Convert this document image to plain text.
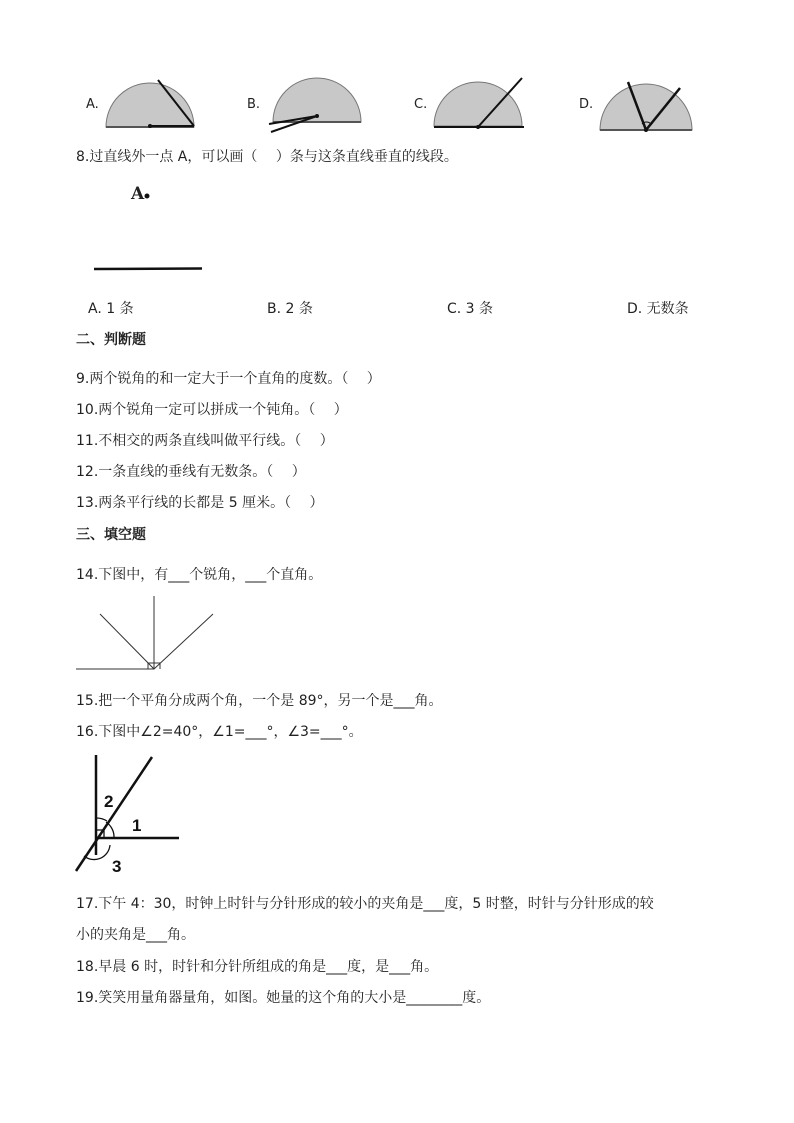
A.	B.	C.	D.
8.过直线外一点 A，可以画（　 ）条与这条直线垂直的线段。
A
A. 1 条	B. 2 条	C. 3 条	D. 无数条
二、判断题
9.两个锐角的和一定大于一个直角的度数。（　 ）
10.两个锐角一定可以拼成一个钝角。（　 ）
11.不相交的两条直线叫做平行线。（　 ）
12.一条直线的垂线有无数条。（　 ）
13.两条平行线的长都是 5 厘米。（　 ）
三、填空题
14.下图中，有___个锐角，___个直角。
15.把一个平角分成两个角，一个是 89°，另一个是___角。
16.下图中∠2=40°，∠1=___°，∠3=___°。
2
1
3
17.下午 4：30，时钟上时针与分针形成的较小的夹角是___度，5 时整，时针与分针形成的较
小的夹角是___角。
18.早晨 6 时，时针和分针所组成的角是___度，是___角。
19.笑笑用量角器量角，如图。她量的这个角的大小是________度。
